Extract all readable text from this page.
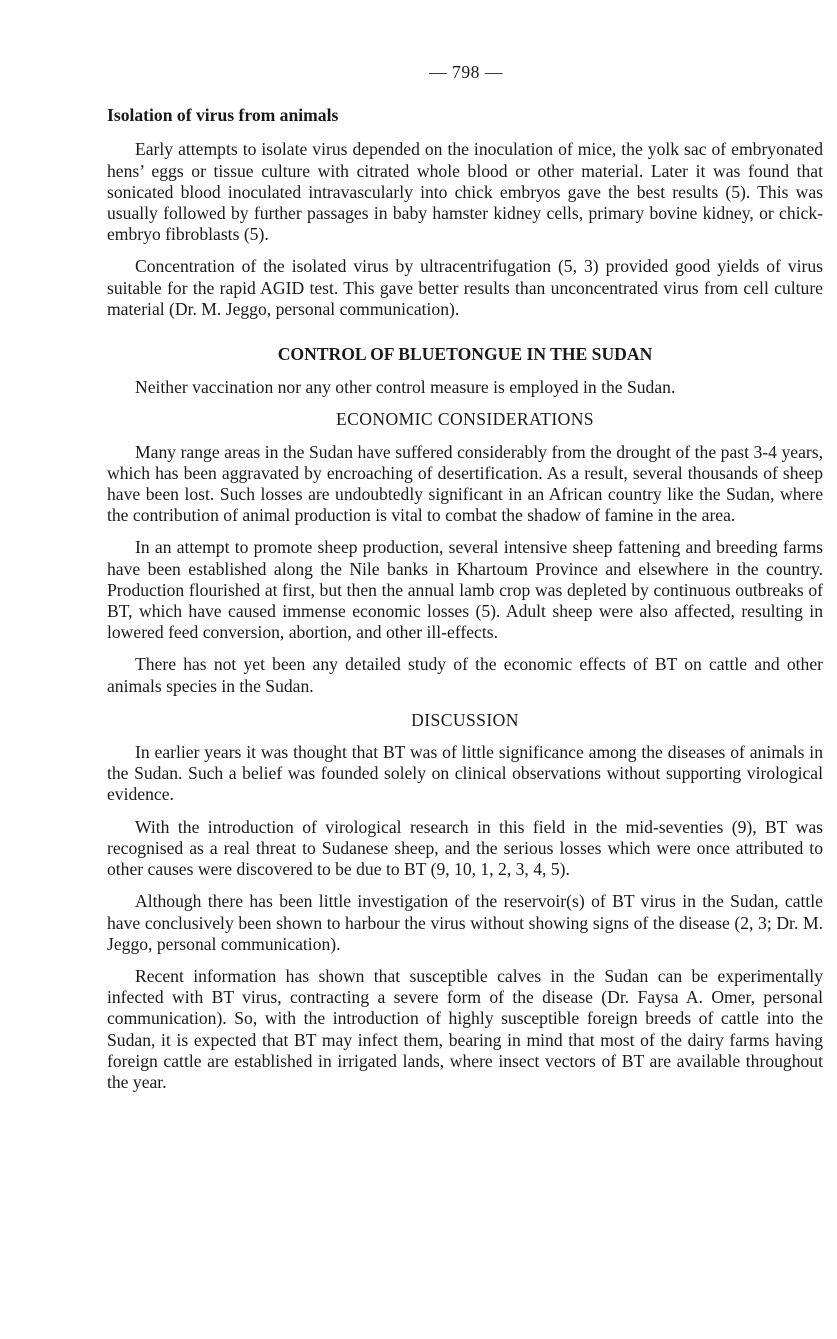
— 798 —
Isolation of virus from animals

Early attempts to isolate virus depended on the inoculation of mice, the yolk sac of embryonated hens’ eggs or tissue culture with citrated whole blood or other material. Later it was found that sonicated blood inoculated intravascularly into chick embryos gave the best results (5). This was usually followed by further passages in baby hamster kidney cells, primary bovine kidney, or chick-embryo fibroblasts (5).

Concentration of the isolated virus by ultracentrifugation (5, 3) provided good yields of virus suitable for the rapid AGID test. This gave better results than unconcentrated virus from cell culture material (Dr. M. Jeggo, personal communication).

CONTROL OF BLUETONGUE IN THE SUDAN

Neither vaccination nor any other control measure is employed in the Sudan.

ECONOMIC CONSIDERATIONS

Many range areas in the Sudan have suffered considerably from the drought of the past 3-4 years, which has been aggravated by encroaching of desertification. As a result, several thousands of sheep have been lost. Such losses are undoubtedly significant in an African country like the Sudan, where the contribution of animal production is vital to combat the shadow of famine in the area.

In an attempt to promote sheep production, several intensive sheep fattening and breeding farms have been established along the Nile banks in Khartoum Province and elsewhere in the country. Production flourished at first, but then the annual lamb crop was depleted by continuous outbreaks of BT, which have caused immense economic losses (5). Adult sheep were also affected, resulting in lowered feed conversion, abortion, and other ill-effects.

There has not yet been any detailed study of the economic effects of BT on cattle and other animals species in the Sudan.

DISCUSSION

In earlier years it was thought that BT was of little significance among the diseases of animals in the Sudan. Such a belief was founded solely on clinical observations without supporting virological evidence.

With the introduction of virological research in this field in the mid-seventies (9), BT was recognised as a real threat to Sudanese sheep, and the serious losses which were once attributed to other causes were discovered to be due to BT (9, 10, 1, 2, 3, 4, 5).

Although there has been little investigation of the reservoir(s) of BT virus in the Sudan, cattle have conclusively been shown to harbour the virus without showing signs of the disease (2, 3; Dr. M. Jeggo, personal communication).

Recent information has shown that susceptible calves in the Sudan can be experimentally infected with BT virus, contracting a severe form of the disease (Dr. Faysa A. Omer, personal communication). So, with the introduction of highly susceptible foreign breeds of cattle into the Sudan, it is expected that BT may infect them, bearing in mind that most of the dairy farms having foreign cattle are established in irrigated lands, where insect vectors of BT are available throughout the year.
